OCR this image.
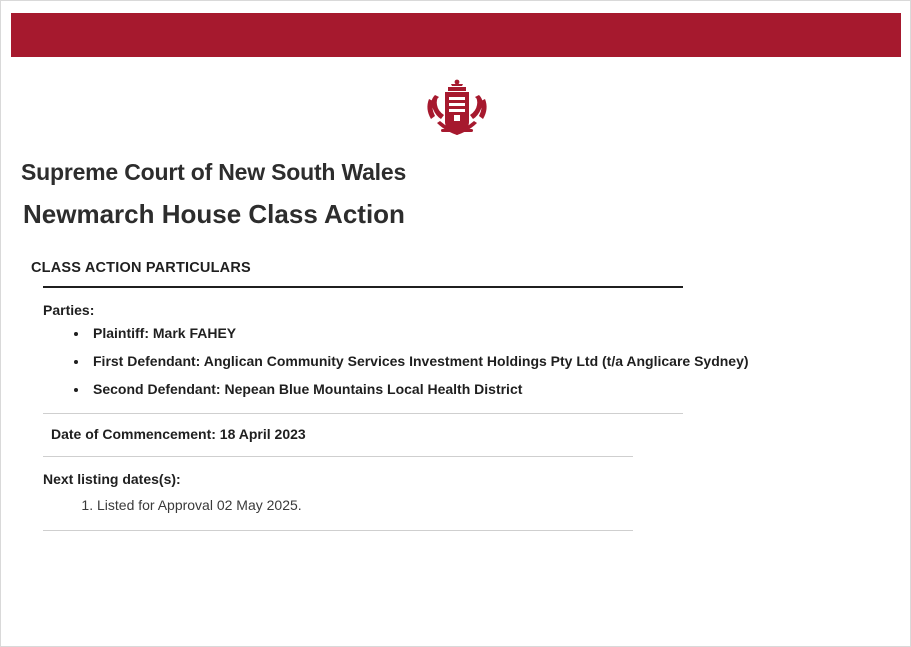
Supreme Court of New South Wales
Newmarch House Class Action
CLASS ACTION PARTICULARS
Parties:
• Plaintiff: Mark FAHEY
• First Defendant: Anglican Community Services Investment Holdings Pty Ltd (t/a Anglicare Sydney)
• Second Defendant: Nepean Blue Mountains Local Health District
Date of Commencement: 18 April 2023
Next listing dates(s):
1. Listed for Approval 02 May 2025.
